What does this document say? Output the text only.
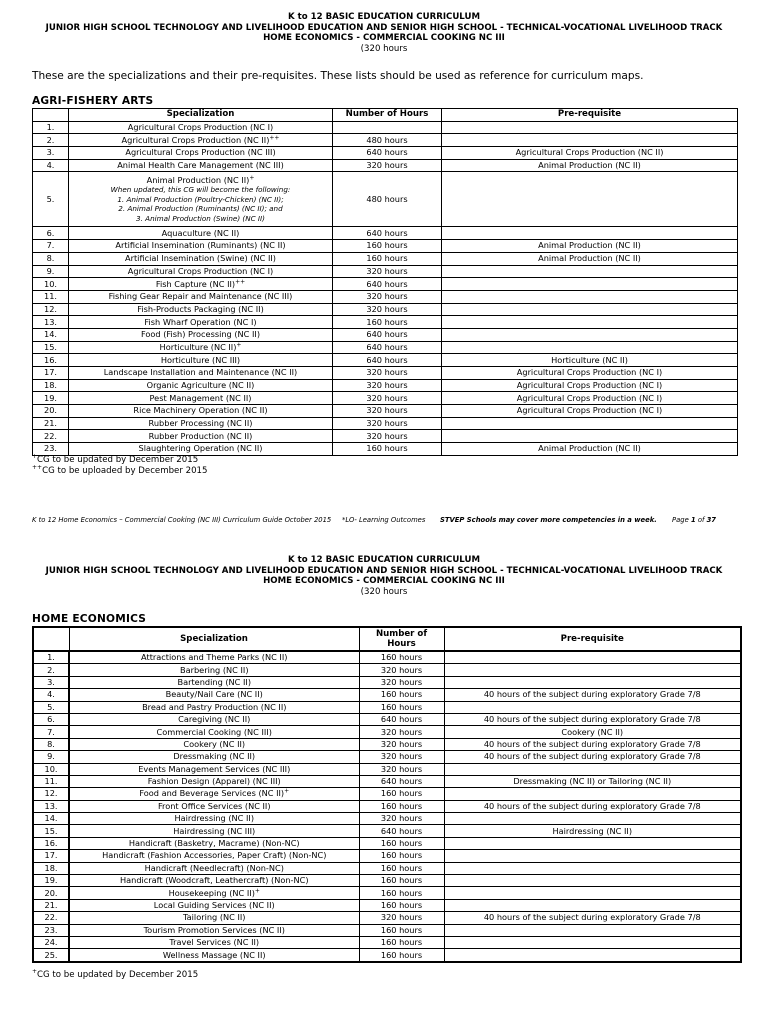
K to 12 BASIC EDUCATION CURRICULUM
JUNIOR HIGH SCHOOL TECHNOLOGY AND LIVELIHOOD EDUCATION AND SENIOR HIGH SCHOOL - TECHNICAL-VOCATIONAL LIVELIHOOD TRACK
HOME ECONOMICS - COMMERCIAL COOKING NC III
(320 hours
These are the specializations and their pre-requisites. These lists should be used as reference for curriculum maps.
AGRI-FISHERY ARTS
	Specialization	Number of Hours	Pre-requisite
1.	Agricultural Crops Production (NC I)		
2.	Agricultural Crops Production (NC II)++	480 hours	
3.	Agricultural Crops Production (NC III)	640 hours	Agricultural Crops Production (NC II)
4.	Animal Health Care Management (NC III)	320 hours	Animal Production (NC II)
5.	Animal Production (NC II)+
When updated, this CG will become the following:
1. Animal Production (Poultry-Chicken) (NC II);
2. Animal Production (Ruminants) (NC II); and
3. Animal Production (Swine) (NC II)	480 hours	
6.	Aquaculture (NC II)	640 hours	
7.	Artificial Insemination (Ruminants) (NC II)	160 hours	Animal Production (NC II)
8.	Artificial Insemination (Swine) (NC II)	160 hours	Animal Production (NC II)
9.	Agricultural Crops Production (NC I)	320 hours	
10.	Fish Capture (NC II)++	640 hours	
11.	Fishing Gear Repair and Maintenance (NC III)	320 hours	
12.	Fish-Products Packaging (NC II)	320 hours	
13.	Fish Wharf Operation (NC I)	160 hours	
14.	Food (Fish) Processing (NC II)	640 hours	
15.	Horticulture (NC II)+	640 hours	
16.	Horticulture (NC III)	640 hours	Horticulture (NC II)
17.	Landscape Installation and Maintenance (NC II)	320 hours	Agricultural Crops Production (NC I)
18.	Organic Agriculture (NC II)	320 hours	Agricultural Crops Production (NC I)
19.	Pest Management (NC II)	320 hours	Agricultural Crops Production (NC I)
20.	Rice Machinery Operation (NC II)	320 hours	Agricultural Crops Production (NC I)
21.	Rubber Processing (NC II)	320 hours	
22.	Rubber Production (NC II)	320 hours	
23.	Slaughtering Operation (NC II)	160 hours	Animal Production (NC II)
+CG to be updated by December 2015
++CG to be uploaded by December 2015
K to 12 Home Economics – Commercial Cooking (NC III) Curriculum Guide October 2015 *LO- Learning Outcomes STVEP Schools may cover more competencies in a week. Page 1 of 37
K to 12 BASIC EDUCATION CURRICULUM
JUNIOR HIGH SCHOOL TECHNOLOGY AND LIVELIHOOD EDUCATION AND SENIOR HIGH SCHOOL - TECHNICAL-VOCATIONAL LIVELIHOOD TRACK
HOME ECONOMICS - COMMERCIAL COOKING NC III
(320 hours
HOME ECONOMICS
	Specialization	Number of Hours	Pre-requisite
1.	Attractions and Theme Parks (NC II)	160 hours	
2.	Barbering (NC II)	320 hours	
3.	Bartending (NC II)	320 hours	
4.	Beauty/Nail Care (NC II)	160 hours	40 hours of the subject during exploratory Grade 7/8
5.	Bread and Pastry Production (NC II)	160 hours	
6.	Caregiving (NC II)	640 hours	40 hours of the subject during exploratory Grade 7/8
7.	Commercial Cooking (NC III)	320 hours	Cookery (NC II)
8.	Cookery (NC II)	320 hours	40 hours of the subject during exploratory Grade 7/8
9.	Dressmaking (NC II)	320 hours	40 hours of the subject during exploratory Grade 7/8
10.	Events Management Services (NC III)	320 hours	
11.	Fashion Design (Apparel) (NC III)	640 hours	Dressmaking (NC II) or Tailoring (NC II)
12.	Food and Beverage Services (NC II)+	160 hours	
13.	Front Office Services (NC II)	160 hours	40 hours of the subject during exploratory Grade 7/8
14.	Hairdressing (NC II)	320 hours	
15.	Hairdressing (NC III)	640 hours	Hairdressing (NC II)
16.	Handicraft (Basketry, Macrame) (Non-NC)	160 hours	
17.	Handicraft (Fashion Accessories, Paper Craft) (Non-NC)	160 hours	
18.	Handicraft (Needlecraft) (Non-NC)	160 hours	
19.	Handicraft (Woodcraft, Leathercraft) (Non-NC)	160 hours	
20.	Housekeeping (NC II)+	160 hours	
21.	Local Guiding Services (NC II)	160 hours	
22.	Tailoring (NC II)	320 hours	40 hours of the subject during exploratory Grade 7/8
23.	Tourism Promotion Services (NC II)	160 hours	
24.	Travel Services (NC II)	160 hours	
25.	Wellness Massage (NC II)	160 hours	
+CG to be updated by December 2015
